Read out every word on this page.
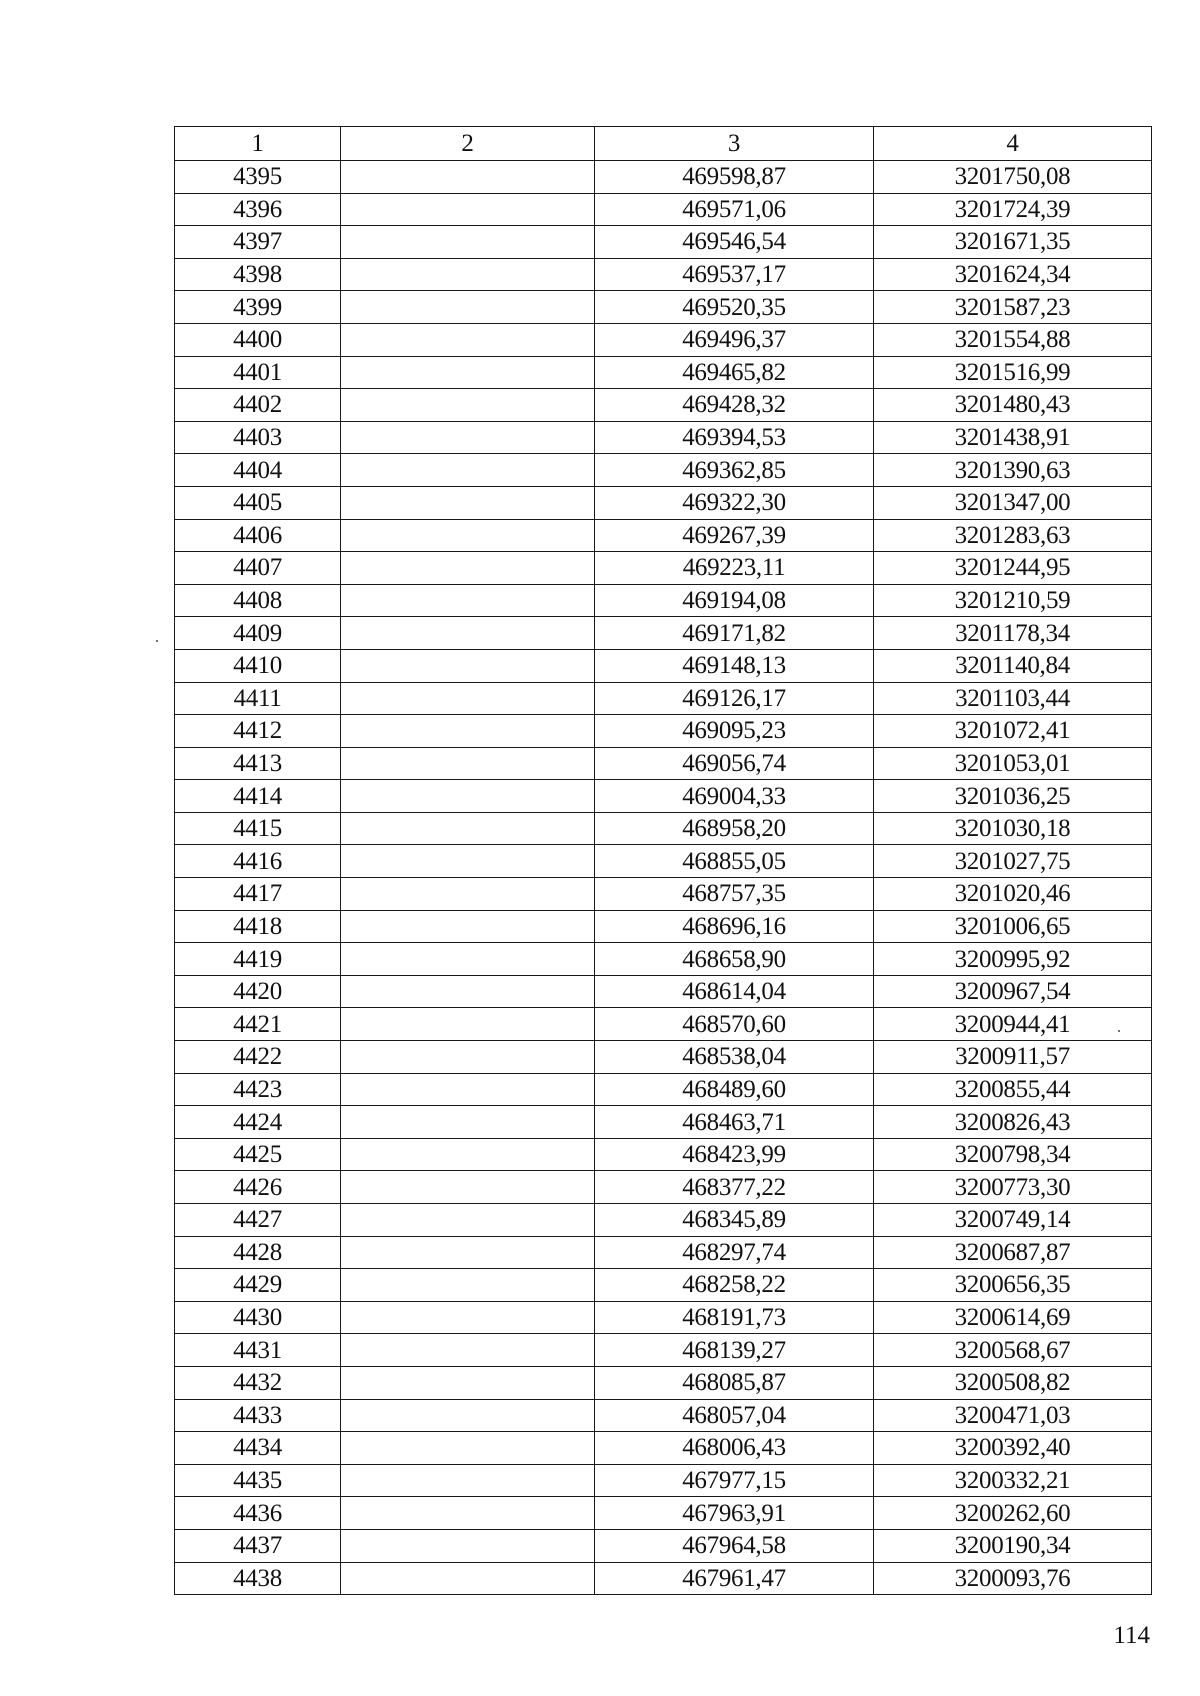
1	2	3	4
4395		469598,87	3201750,08
4396		469571,06	3201724,39
4397		469546,54	3201671,35
4398		469537,17	3201624,34
4399		469520,35	3201587,23
4400		469496,37	3201554,88
4401		469465,82	3201516,99
4402		469428,32	3201480,43
4403		469394,53	3201438,91
4404		469362,85	3201390,63
4405		469322,30	3201347,00
4406		469267,39	3201283,63
4407		469223,11	3201244,95
4408		469194,08	3201210,59
4409		469171,82	3201178,34
4410		469148,13	3201140,84
4411		469126,17	3201103,44
4412		469095,23	3201072,41
4413		469056,74	3201053,01
4414		469004,33	3201036,25
4415		468958,20	3201030,18
4416		468855,05	3201027,75
4417		468757,35	3201020,46
4418		468696,16	3201006,65
4419		468658,90	3200995,92
4420		468614,04	3200967,54
4421		468570,60	3200944,41
4422		468538,04	3200911,57
4423		468489,60	3200855,44
4424		468463,71	3200826,43
4425		468423,99	3200798,34
4426		468377,22	3200773,30
4427		468345,89	3200749,14
4428		468297,74	3200687,87
4429		468258,22	3200656,35
4430		468191,73	3200614,69
4431		468139,27	3200568,67
4432		468085,87	3200508,82
4433		468057,04	3200471,03
4434		468006,43	3200392,40
4435		467977,15	3200332,21
4436		467963,91	3200262,60
4437		467964,58	3200190,34
4438		467961,47	3200093,76
114
